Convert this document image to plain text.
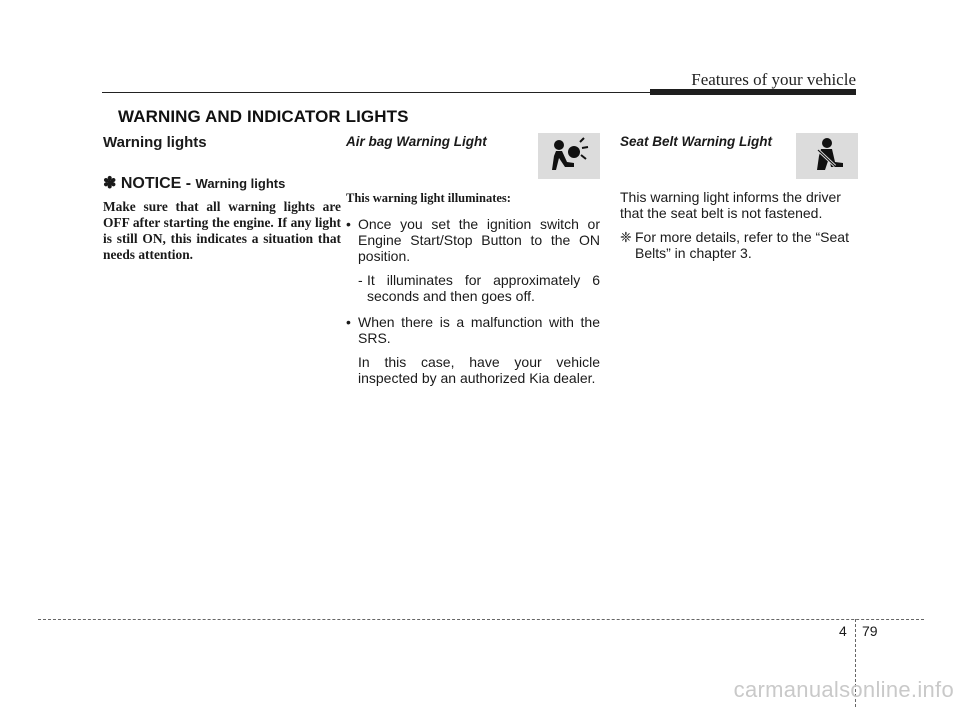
Features of your vehicle
WARNING AND INDICATOR LIGHTS
Warning lights
✽ NOTICE - Warning lights
Make sure that all warning lights are OFF after starting the engine. If any light is still ON, this indicates a situation that needs attention.
Air bag Warning Light
This warning light illuminates:
• Once you set the ignition switch or Engine Start/Stop Button to the ON position.
- It illuminates for approximately 6 seconds and then goes off.
• When there is a malfunction with the SRS.
In this case, have your vehicle inspected by an authorized Kia dealer.
Seat Belt Warning Light
This warning light informs the driver that the seat belt is not fastened.
❈ For more details, refer to the “Seat Belts” in chapter 3.
4 79
carmanualsonline.info
